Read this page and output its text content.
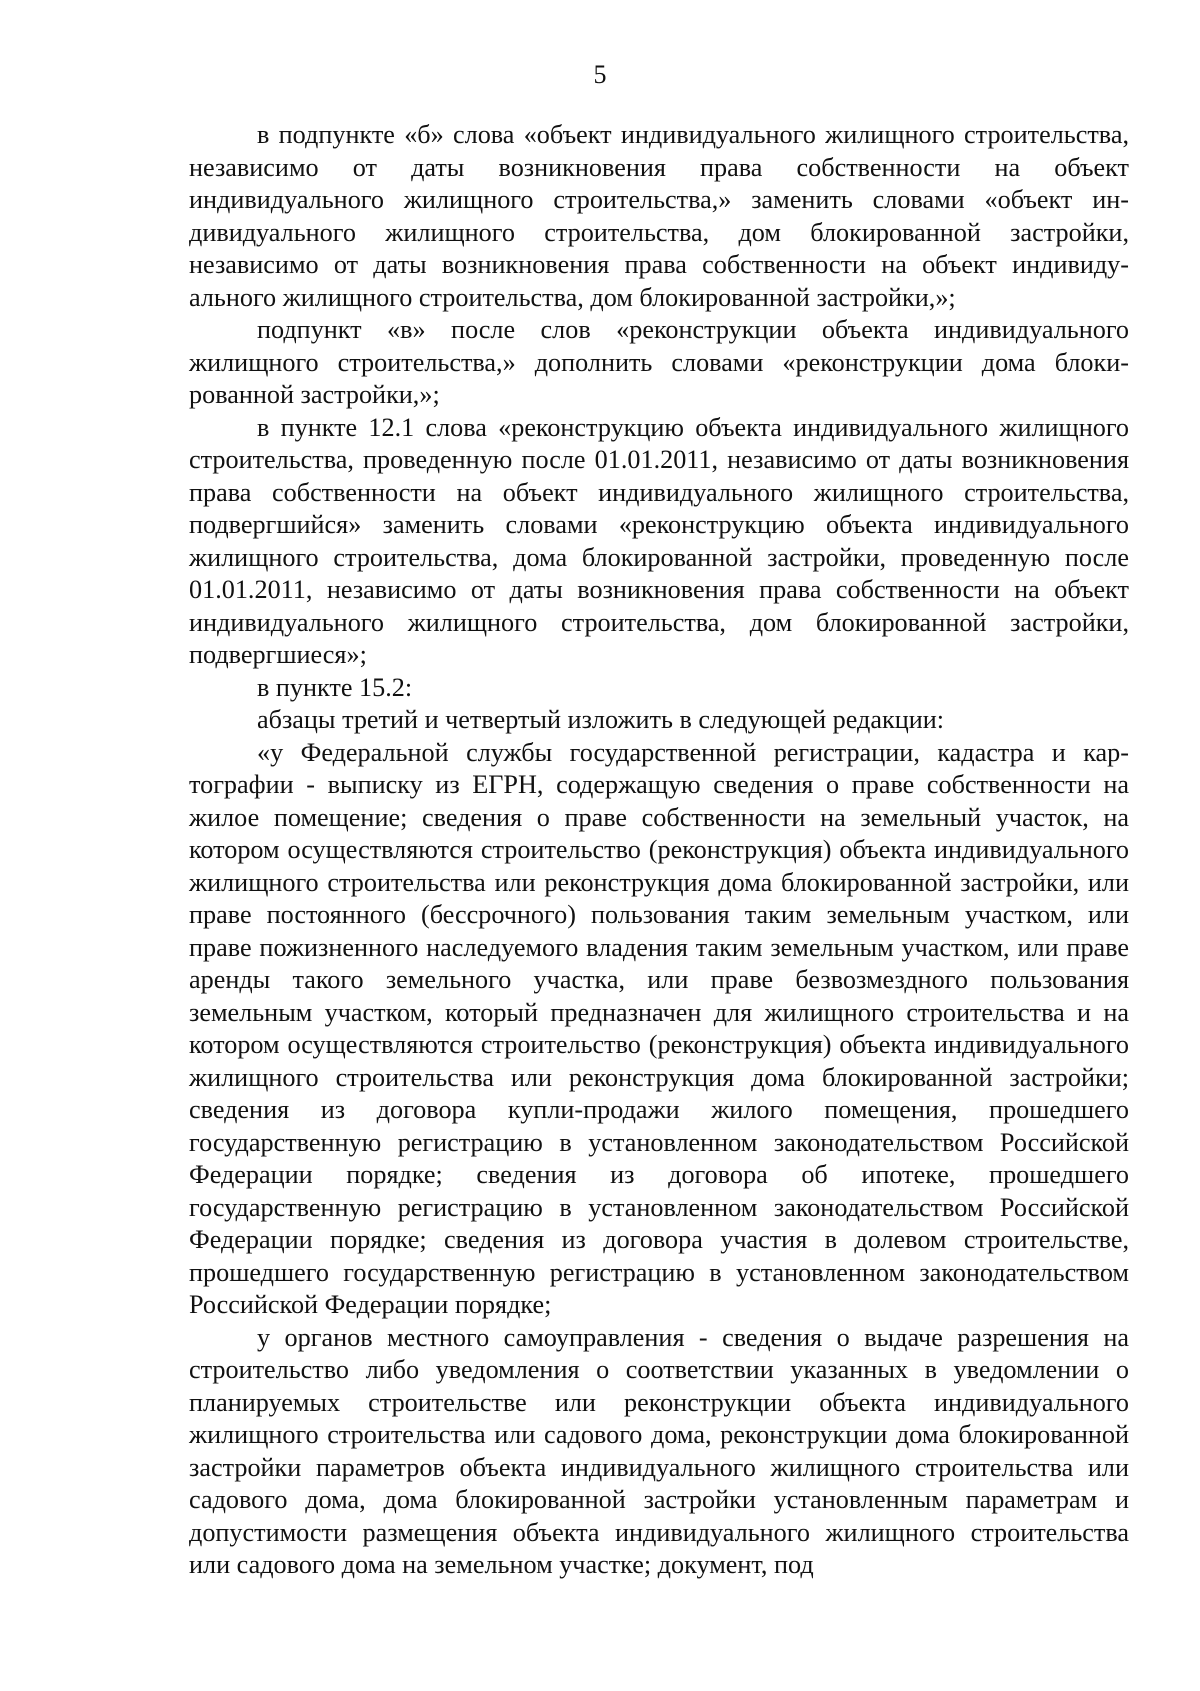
5

в подпункте «б» слова «объект индивидуального жилищного строительства, независимо от даты возникновения права собственности на объект индивидуального жилищного строительства,» заменить словами «объект индивидуального жилищного строительства, дом блокированной застройки, независимо от даты возникновения права собственности на объект индивидуального жилищного строительства, дом блокированной застройки,»;

подпункт «в» после слов «реконструкции объекта индивидуального жилищного строительства,» дополнить словами «реконструкции дома блокированной застройки,»;

в пункте 12.1 слова «реконструкцию объекта индивидуального жилищного строительства, проведенную после 01.01.2011, независимо от даты возникновения права собственности на объект индивидуального жилищного строительства, подвергшийся» заменить словами «реконструкцию объекта индивидуального жилищного строительства, дома блокированной застройки, проведенную после 01.01.2011, независимо от даты возникновения права собственности на объект индивидуального жилищного строительства, дом блокированной застройки, подвергшиеся»;

в пункте 15.2:

абзацы третий и четвертый изложить в следующей редакции:

«у Федеральной службы государственной регистрации, кадастра и картографии - выписку из ЕГРН, содержащую сведения о праве собственности на жилое помещение; сведения о праве собственности на земельный участок, на котором осуществляются строительство (реконструкция) объекта индивидуального жилищного строительства или реконструкция дома блокированной застройки, или праве постоянного (бессрочного) пользования таким земельным участком, или праве пожизненного наследуемого владения таким земельным участком, или праве аренды такого земельного участка, или праве безвозмездного пользования земельным участком, который предназначен для жилищного строительства и на котором осуществляются строительство (реконструкция) объекта индивидуального жилищного строительства или реконструкция дома блокированной застройки; сведения из договора купли-продажи жилого помещения, прошедшего государственную регистрацию в установленном законодательством Российской Федерации порядке; сведения из договора об ипотеке, прошедшего государственную регистрацию в установленном законодательством Российской Федерации порядке; сведения из договора участия в долевом строительстве, прошедшего государственную регистрацию в установленном законодательством Российской Федерации порядке;

у органов местного самоуправления - сведения о выдаче разрешения на строительство либо уведомления о соответствии указанных в уведомлении о планируемых строительстве или реконструкции объекта индивидуального жилищного строительства или садового дома, реконструкции дома блокированной застройки параметров объекта индивидуального жилищного строительства или садового дома, дома блокированной застройки установленным параметрам и допустимости размещения объекта индивидуального жилищного строительства или садового дома на земельном участке; документ, под
